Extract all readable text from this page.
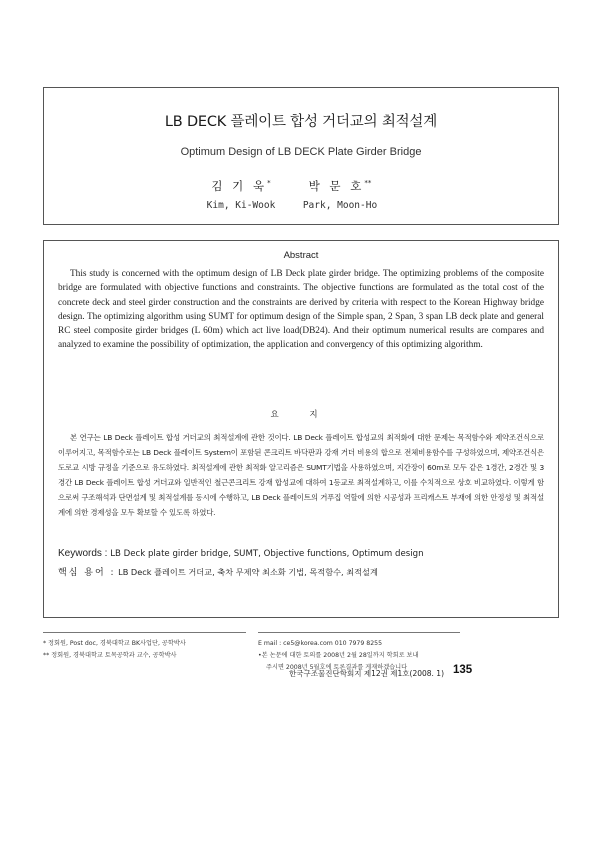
LB DECK 플레이트 합성 거더교의 최적설계
Optimum Design of LB DECK Plate Girder Bridge
김 기 욱*
Kim, Ki-Wook
박 문 호**
Park, Moon-Ho
Abstract
This study is concerned with the optimum design of LB Deck plate girder bridge. The optimizing problems of the composite bridge are formulated with objective functions and constraints. The objective functions are formulated as the total cost of the concrete deck and steel girder construction and the constraints are derived by criteria with respect to the Korean Highway bridge design. The optimizing algorithm using SUMT for optimum design of the Simple span, 2 Span, 3 span LB deck plate and general RC steel composite girder bridges (L 60m) which act live load(DB24). And their optimum numerical results are compares and analyzed to examine the possibility of optimization, the application and convergency of this optimizing algorithm.
요 지
본 연구는 LB Deck 플레이트 합성 거더교의 최적설계에 관한 것이다. LB Deck 플레이트 합성교의 최적화에 대한 문제는 목적함수와 제약조건식으로 이루어지고, 목적함수로는 LB Deck 플레이트 System이 포함된 콘크리트 바닥판과 강재 거더 비용의 합으로 전체비용함수를 구성하였으며, 제약조건식은 도로교 시방 규정을 기준으로 유도하였다. 최적설계에 관한 최적화 알고리즘은 SUMT기법을 사용하였으며, 지간장이 60m로 모두 같은 1경간, 2경간 및 3경간 LB Deck 플레이트 합성 거더교와 일반적인 철근콘크리트 강재 합성교에 대하여 1등교로 최적설계하고, 이를 수치적으로 상호 비교하였다. 이렇게 함으로써 구조해석과 단면설계 및 최적설계를 동시에 수행하고, LB Deck 플레이트의 거푸집 역할에 의한 시공성과 프리캐스트 부재에 의한 안정성 및 최적설계에 의한 경제성을 모두 확보할 수 있도록 하였다.
Keywords : LB Deck plate girder bridge, SUMT, Objective functions, Optimum design
핵심 용어 : LB Deck 플레이트 거더교, 축차 무제약 최소화 기법, 목적함수, 최적설계
* 정회원, Post doc, 경북대학교 BK사업단, 공학박사
** 정회원, 경북대학교 토목공학과 교수, 공학박사
E mail : ce5@korea.com 010 7979 8255
•본 논문에 대한 토의를 2008년 2월 28일까지 학회로 보내
주시면 2008년 5월호에 토론결과를 게재하겠습니다
한국구조물진단학회지 제12권 제1호(2008. 1) 135
